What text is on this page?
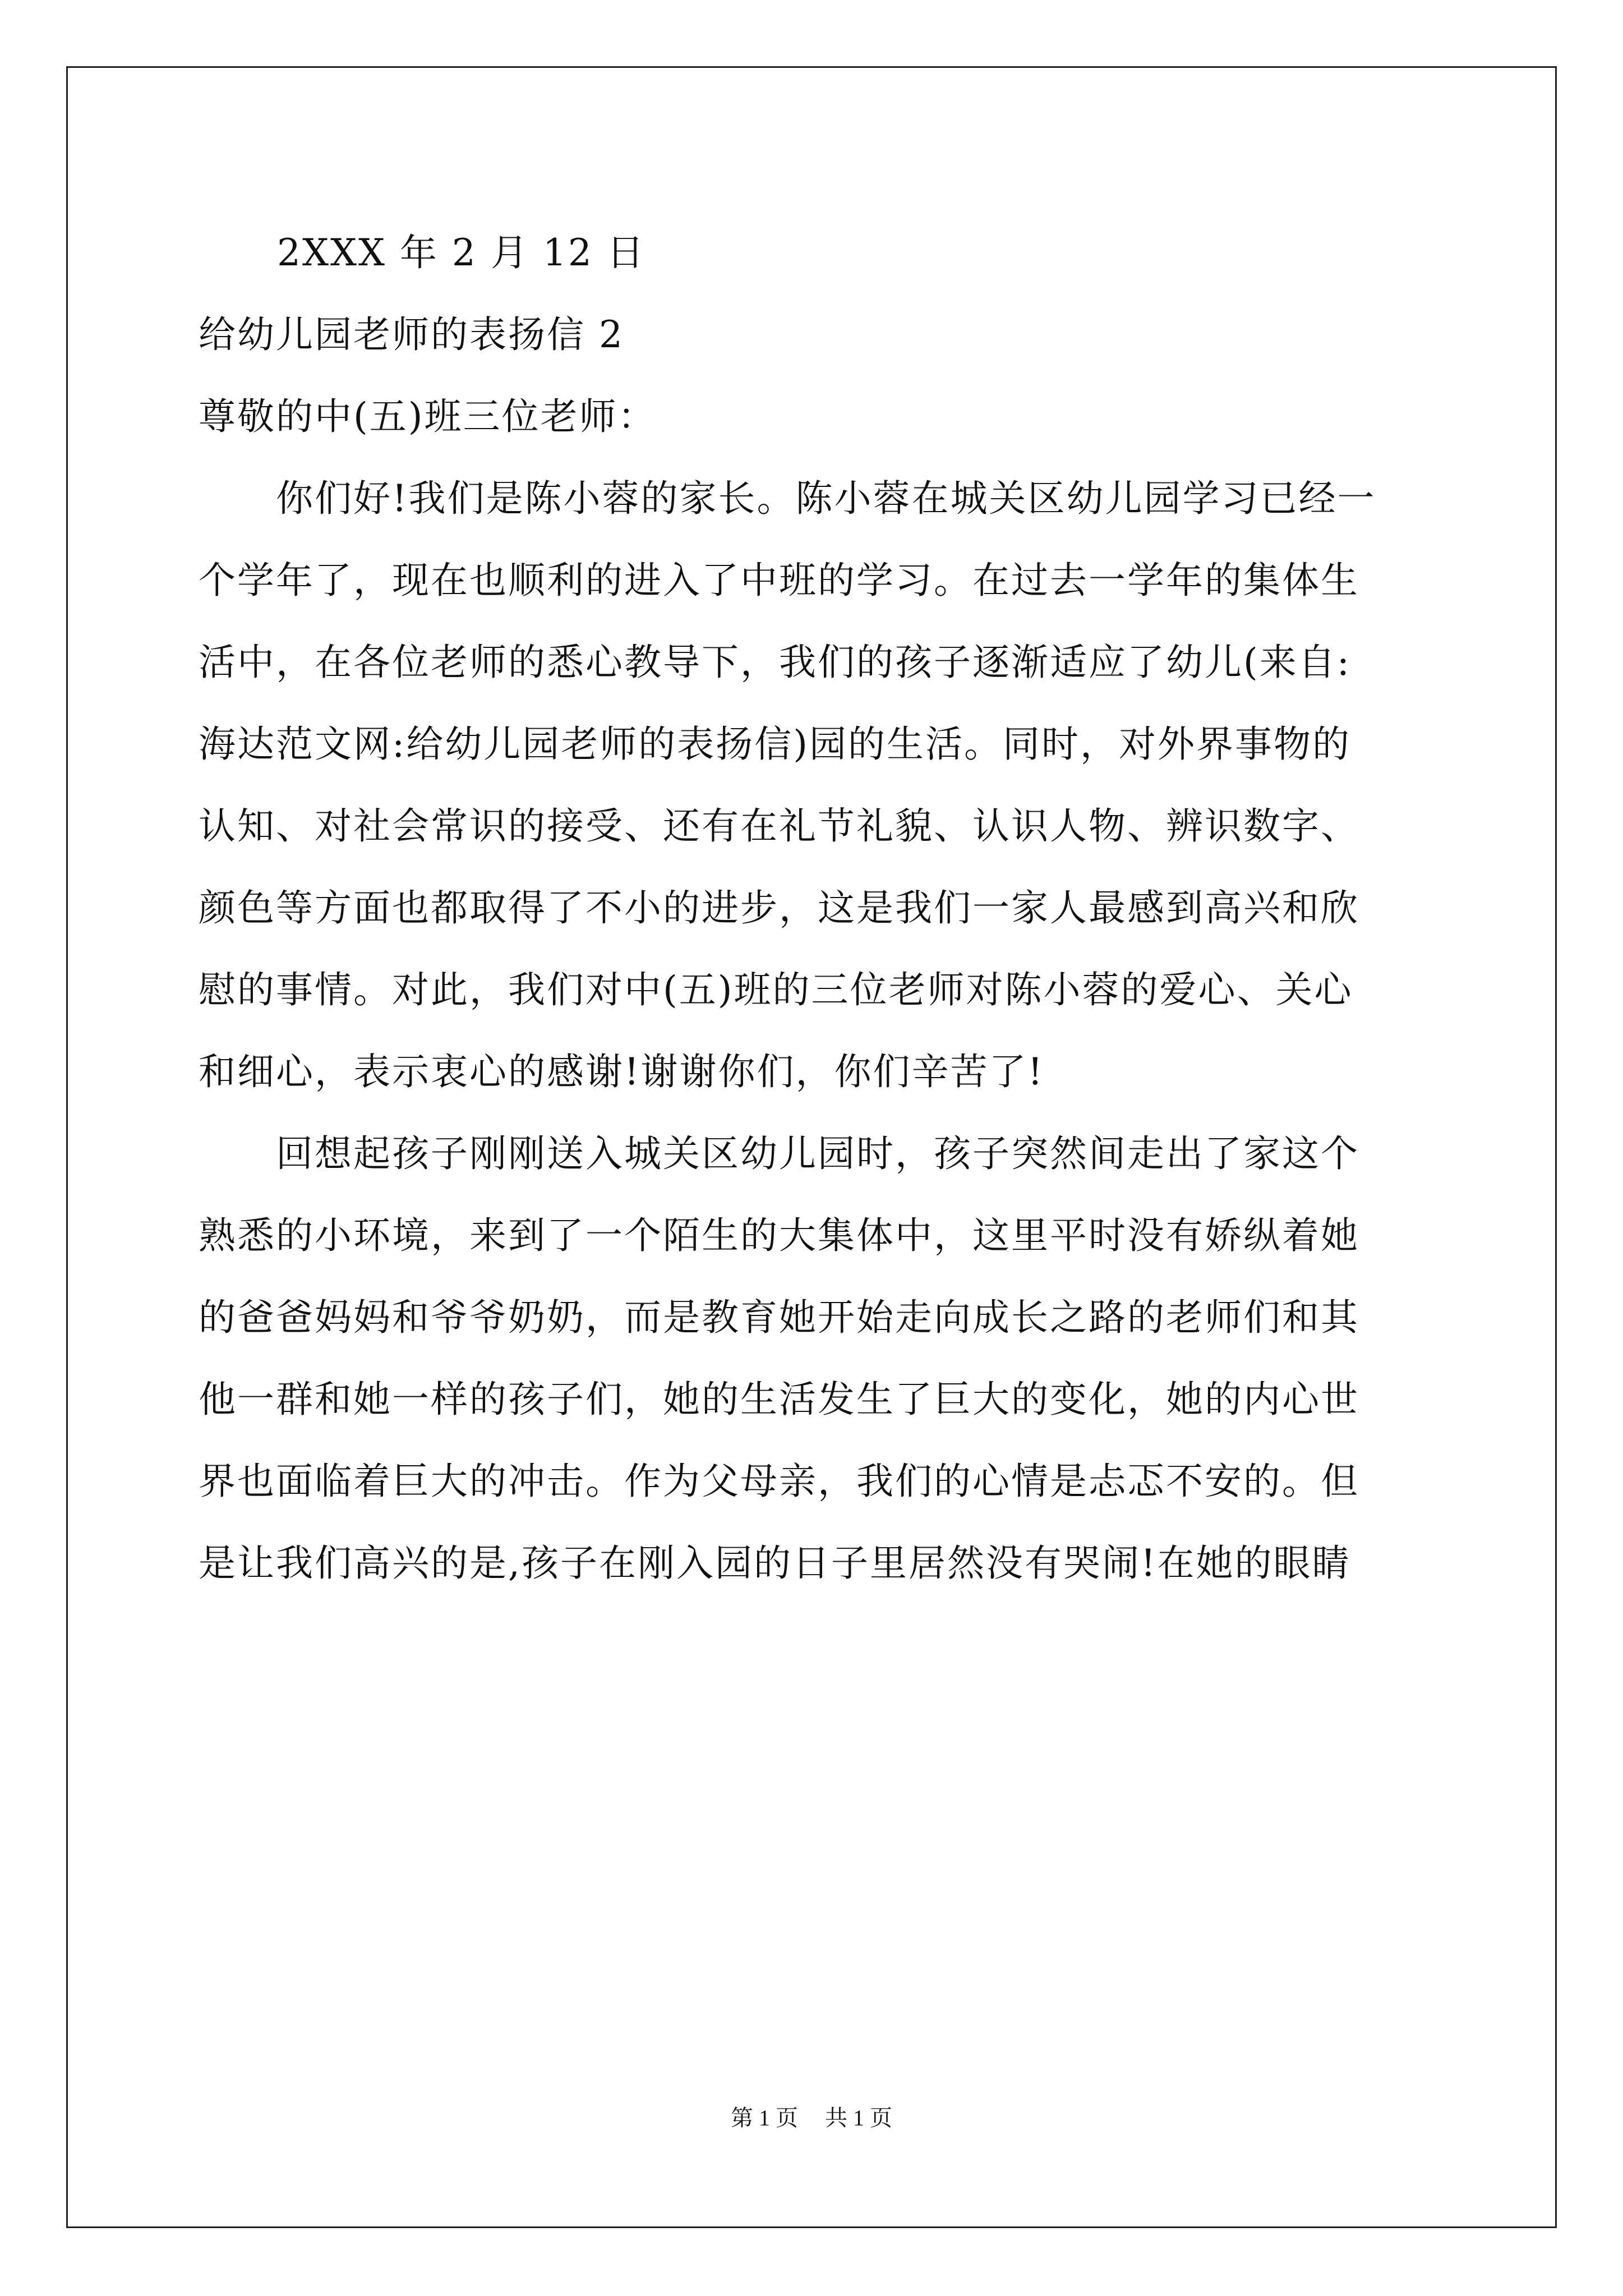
2XXX 年 2 月 12 日
给幼儿园老师的表扬信 2
尊敬的中(五)班三位老师：
　　你们好!我们是陈小蓉的家长。陈小蓉在城关区幼儿园学习已经一
个学年了，现在也顺利的进入了中班的学习。在过去一学年的集体生
活中，在各位老师的悉心教导下，我们的孩子逐渐适应了幼儿(来自:
海达范文网:给幼儿园老师的表扬信)园的生活。同时，对外界事物的
认知、对社会常识的接受、还有在礼节礼貌、认识人物、辨识数字、
颜色等方面也都取得了不小的进步，这是我们一家人最感到高兴和欣
慰的事情。对此，我们对中(五)班的三位老师对陈小蓉的爱心、关心
和细心，表示衷心的感谢!谢谢你们，你们辛苦了!
　　回想起孩子刚刚送入城关区幼儿园时，孩子突然间走出了家这个
熟悉的小环境，来到了一个陌生的大集体中，这里平时没有娇纵着她
的爸爸妈妈和爷爷奶奶，而是教育她开始走向成长之路的老师们和其
他一群和她一样的孩子们，她的生活发生了巨大的变化，她的内心世
界也面临着巨大的冲击。作为父母亲，我们的心情是忐忑不安的。但
是让我们高兴的是,孩子在刚入园的日子里居然没有哭闹!在她的眼睛
第 1 页 共 1 页
